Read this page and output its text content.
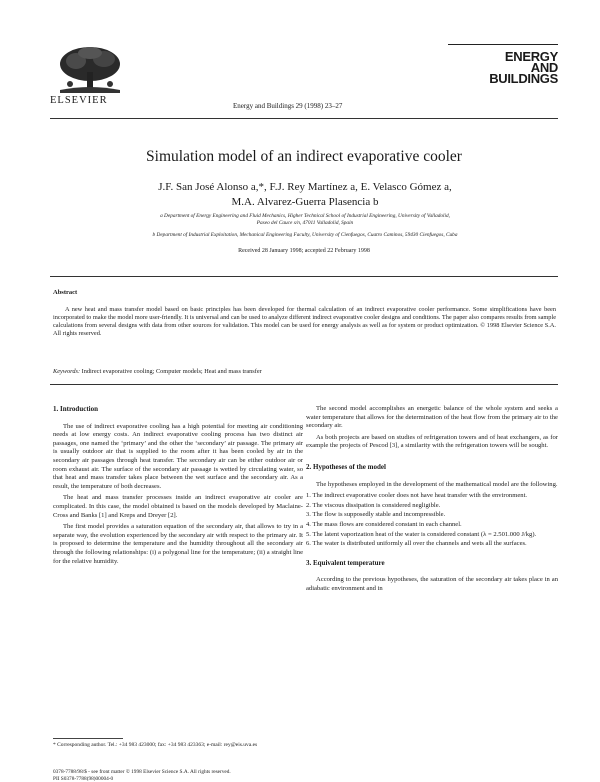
ELSEVIER	Energy and Buildings 29 (1998) 23–27
ENERGY
AND
BUILDINGS
Simulation model of an indirect evaporative cooler
J.F. San José Alonso a,*, F.J. Rey Martínez a, E. Velasco Gómez a,
M.A. Alvarez-Guerra Plasencia b
a Department of Energy Engineering and Fluid Mechanics, Higher Technical School of Industrial Engineering, University of Valladolid,
Paseo del Cauce s/n, 47011 Valladolid, Spain
b Department of Industrial Exploitation, Mechanical Engineering Faculty, University of Cienfuegos, Cuatro Caminos, 59430 Cienfuegos, Cuba
Received 28 January 1998; accepted 22 February 1998
Abstract
A new heat and mass transfer model based on basic principles has been developed for thermal calculation of an indirect evaporative cooler performance. Some simplifications have been incorporated to make the model more user-friendly. It is universal and can be used to analyze different indirect evaporative cooler designs and conditions. The paper also compares results from sample calculations from several designs with data from other sources for validation. This model can be used for energy analysis as well as for system or product optimization. © 1998 Elsevier Science S.A. All rights reserved.
Keywords: Indirect evaporative cooling; Computer models; Heat and mass transfer
1. Introduction

The use of indirect evaporative cooling has a high potential for meeting air conditioning needs at low energy costs. An indirect evaporative cooling process has two distinct air passages, one named the ‘primary’ and the other the ‘secondary’ air passage. The primary air is usually outdoor air that is supplied to the room after it has been cooled by air in the secondary air passages through heat transfer. The secondary air can be either outdoor air or room exhaust air. The surface of the secondary air passage is wetted by circulating water, so that heat and mass transfer takes place between the wet surface and the secondary air. As a result, the temperature of both decreases.

The heat and mass transfer processes inside an indirect evaporative air cooler are complicated. In this case, the model obtained is based on the models developed by Maclaine-Cross and Banks [1] and Kreps and Dreyer [2].

The first model provides a saturation equation of the secondary air, that allows to try in a separate way, the evolution experienced by the secondary air with respect to the primary air. It is proposed to determine the temperature and the humidity throughout all the secondary air through the following relationships: (i) a polygonal line for the temperature; (ii) a straight line for the relative humidity.

The second model accomplishes an energetic balance of the whole system and seeks a water temperature that allows for the determination of the heat flow from the primary air to the secondary air.

As both projects are based on studies of refrigeration towers and of heat exchangers, as for example the projects of Pescod [3], a similarity with the refrigeration towers will be sought.

2. Hypotheses of the model

The hypotheses employed in the development of the mathematical model are the following.

1. The indirect evaporative cooler does not have heat transfer with the environment.
2. The viscous dissipation is considered negligible.
3. The flow is supposedly stable and incompressible.
4. The mass flows are considered constant in each channel.
5. The latent vaporization heat of the water is considered constant (λ = 2.501.000 J/kg).
6. The water is distributed uniformly all over the channels and wets all the surfaces.
3. Equivalent temperature

According to the previous hypotheses, the saturation of the secondary air takes place in an adiabatic environment and in

* Corresponding author. Tel.: +34 983 423000; fax: +34 983 423363; e-mail: rey@eis.uva.es
0378-7788/98/$ - see front matter © 1998 Elsevier Science S.A. All rights reserved.
PII S0378-7788(98)00004-0
